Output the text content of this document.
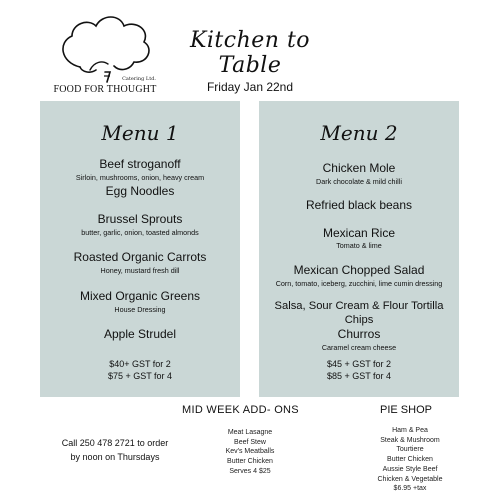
Catering Ltd.
FOOD FOR THOUGHT
Kitchen to Table
Friday Jan 22nd
Menu 1
Beef stroganoff
Sirloin, mushrooms, onion, heavy cream
Egg Noodles
Brussel Sprouts
butter, garlic, onion, toasted almonds
Roasted Organic Carrots
Honey, mustard fresh dill
Mixed Organic Greens
House Dressing
Apple Strudel
$40+ GST for 2
$75 + GST for 4
Menu 2
Chicken Mole
Dark chocolate & mild chilli
Refried black beans
Mexican Rice
Tomato & lime
Mexican Chopped Salad
Corn, tomato, iceberg, zucchini, lime cumin dressing
Salsa, Sour Cream & Flour Tortilla Chips
Churros
Caramel cream cheese
$45 + GST for 2
$85 + GST for 4
MID WEEK ADD- ONS	PIE SHOP
Call 250 478 2721 to order
by noon on Thursdays
Meat Lasagne
Beef Stew
Kev's Meatballs
Butter Chicken
Serves 4 $25
Ham & Pea
Steak & Mushroom
Tourtiere
Butter Chicken
Aussie Style Beef
Chicken & Vegetable
$6.95 +tax
